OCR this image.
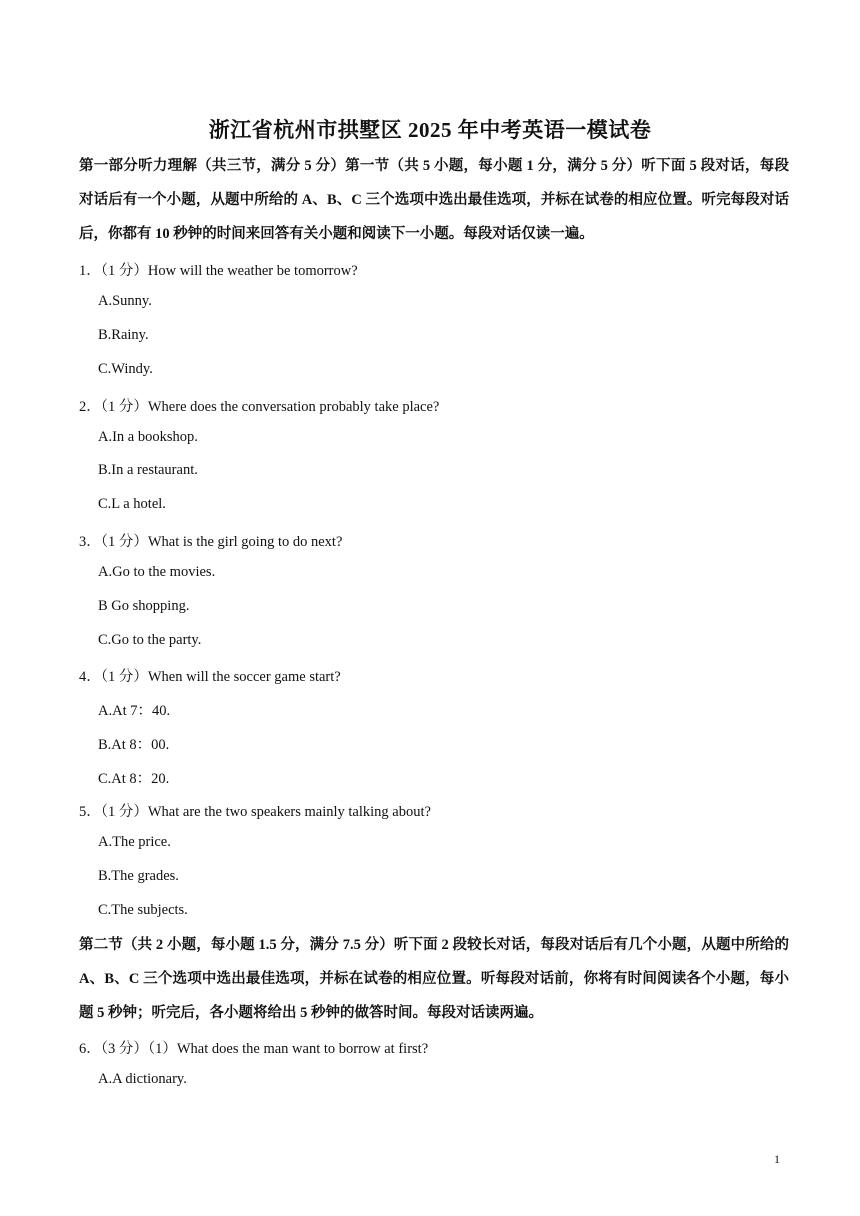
浙江省杭州市拱墅区 2025 年中考英语一模试卷

第一部分听力理解（共三节，满分 5 分）第一节（共 5 小题，每小题 1 分，满分 5 分）听下面 5 段对话，每段对话后有一个小题，从题中所给的 A、B、C 三个选项中选出最佳选项，并标在试卷的相应位置。听完每段对话后，你都有 10 秒钟的时间来回答有关小题和阅读下一小题。每段对话仅读一遍。

1．（1 分）How will the weather be tomorrow?
A.Sunny.
B.Rainy.
C.Windy.
2．（1 分）Where does the conversation probably take place?
A.In a bookshop.
B.In a restaurant.
C.L a hotel.
3．（1 分）What is the girl going to do next?
A.Go to the movies.
B Go shopping.
C.Go to the party.
4．（1 分）When will the soccer game start?
A.At 7：40.
B.At 8：00.
C.At 8：20.
5．（1 分）What are the two speakers mainly talking about?
A.The price.
B.The grades.
C.The subjects.

第二节（共 2 小题，每小题 1.5 分，满分 7.5 分）听下面 2 段较长对话，每段对话后有几个小题，从题中所给的 A、B、C 三个选项中选出最佳选项，并标在试卷的相应位置。听每段对话前，你将有时间阅读各个小题，每小题 5 秒钟；听完后，各小题将给出 5 秒钟的做答时间。每段对话读两遍。

6．（3 分）（1）What does the man want to borrow at first?
A.A dictionary.
1
